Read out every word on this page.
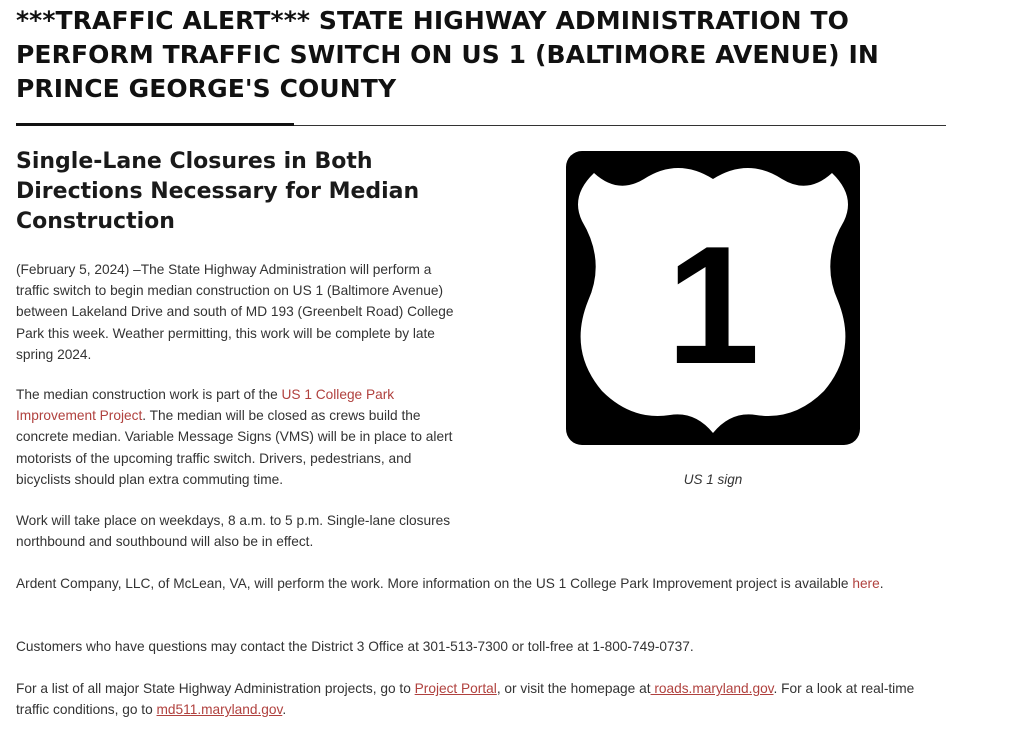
***TRAFFIC ALERT*** STATE HIGHWAY ADMINISTRATION TO PERFORM TRAFFIC SWITCH ON US 1 (BALTIMORE AVENUE) IN PRINCE GEORGE'S COUNTY
Single-Lane Closures in Both Directions Necessary for Median Construction

(February 5, 2024) –The State Highway Administration will perform a traffic switch to begin median construction on US 1 (Baltimore Avenue) between Lakeland Drive and south of MD 193 (Greenbelt Road) College Park this week. Weather permitting, this work will be complete by late spring 2024.

The median construction work is part of the US 1 College Park Improvement Project. The median will be closed as crews build the concrete median. Variable Message Signs (VMS) will be in place to alert motorists of the upcoming traffic switch. Drivers, pedestrians, and bicyclists should plan extra commuting time.

Work will take place on weekdays, 8 a.m. to 5 p.m. Single-lane closures northbound and southbound will also be in effect.

Ardent Company, LLC, of McLean, VA, will perform the work. More information on the US 1 College Park Improvement project is available here.

Customers who have questions may contact the District 3 Office at 301-513-7300 or toll-free at 1-800-749-0737.

For a list of all major State Highway Administration projects, go to Project Portal, or visit the homepage at roads.maryland.gov. For a look at real-time traffic conditions, go to md511.maryland.gov.

1

US 1 sign
